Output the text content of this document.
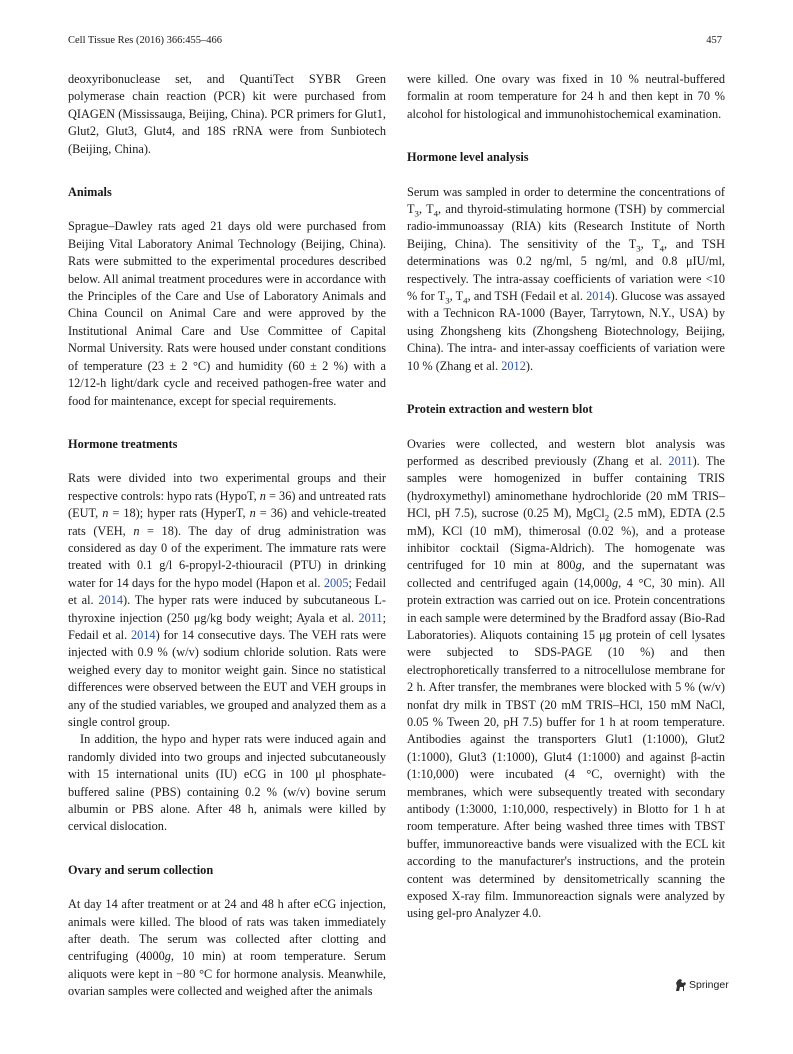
Cell Tissue Res (2016) 366:455–466	457

deoxyribonuclease set, and QuantiTect SYBR Green polymerase chain reaction (PCR) kit were purchased from QIAGEN (Mississauga, Beijing, China). PCR primers for Glut1, Glut2, Glut3, Glut4, and 18S rRNA were from Sunbiotech (Beijing, China).

Animals

Sprague–Dawley rats aged 21 days old were purchased from Beijing Vital Laboratory Animal Technology (Beijing, China). Rats were submitted to the experimental procedures described below. All animal treatment procedures were in accordance with the Principles of the Care and Use of Laboratory Animals and China Council on Animal Care and were approved by the Institutional Animal Care and Use Committee of Capital Normal University. Rats were housed under constant conditions of temperature (23 ± 2 °C) and humidity (60 ± 2 %) with a 12/12-h light/dark cycle and received pathogen-free water and food for maintenance, except for special requirements.

Hormone treatments

Rats were divided into two experimental groups and their respective controls: hypo rats (HypoT, n = 36) and untreated rats (EUT, n = 18); hyper rats (HyperT, n = 36) and vehicle-treated rats (VEH, n = 18). The day of drug administration was considered as day 0 of the experiment. The immature rats were treated with 0.1 g/l 6-propyl-2-thiouracil (PTU) in drinking water for 14 days for the hypo model (Hapon et al. 2005; Fedail et al. 2014). The hyper rats were induced by subcutaneous L-thyroxine injection (250 μg/kg body weight; Ayala et al. 2011; Fedail et al. 2014) for 14 consecutive days. The VEH rats were injected with 0.9 % (w/v) sodium chloride solution. Rats were weighed every day to monitor weight gain. Since no statistical differences were observed between the EUT and VEH groups in any of the studied variables, we grouped and analyzed them as a single control group.

In addition, the hypo and hyper rats were induced again and randomly divided into two groups and injected subcutaneously with 15 international units (IU) eCG in 100 μl phosphate-buffered saline (PBS) containing 0.2 % (w/v) bovine serum albumin or PBS alone. After 48 h, animals were killed by cervical dislocation.

Ovary and serum collection

At day 14 after treatment or at 24 and 48 h after eCG injection, animals were killed. The blood of rats was taken immediately after death. The serum was collected after clotting and centrifuging (4000g, 10 min) at room temperature. Serum aliquots were kept in −80 °C for hormone analysis. Meanwhile, ovarian samples were collected and weighed after the animals

were killed. One ovary was fixed in 10 % neutral-buffered formalin at room temperature for 24 h and then kept in 70 % alcohol for histological and immunohistochemical examination.

Hormone level analysis

Serum was sampled in order to determine the concentrations of $T_3$, $T_4$, and thyroid-stimulating hormone (TSH) by commercial radio-immunoassay (RIA) kits (Research Institute of North Beijing, China). The sensitivity of the $T_3$, $T_4$, and TSH determinations was 0.2 ng/ml, 5 ng/ml, and 0.8 μIU/ml, respectively. The intra-assay coefficients of variation were <10 % for $T_3$, $T_4$, and TSH (Fedail et al. 2014). Glucose was assayed with a Technicon RA-1000 (Bayer, Tarrytown, N.Y., USA) by using Zhongsheng kits (Zhongsheng Biotechnology, Beijing, China). The intra- and inter-assay coefficients of variation were 10 % (Zhang et al. 2012).

Protein extraction and western blot

Ovaries were collected, and western blot analysis was performed as described previously (Zhang et al. 2011). The samples were homogenized in buffer containing TRIS (hydroxymethyl) aminomethane hydrochloride (20 mM TRIS–HCl, pH 7.5), sucrose (0.25 M), MgCl$_2$ (2.5 mM), EDTA (2.5 mM), KCl (10 mM), thimerosal (0.02 %), and a protease inhibitor cocktail (Sigma-Aldrich). The homogenate was centrifuged for 10 min at 800g, and the supernatant was collected and centrifuged again (14,000g, 4 °C, 30 min). All protein extraction was carried out on ice. Protein concentrations in each sample were determined by the Bradford assay (Bio-Rad Laboratories). Aliquots containing 15 μg protein of cell lysates were subjected to SDS-PAGE (10 %) and then electrophoretically transferred to a nitrocellulose membrane for 2 h. After transfer, the membranes were blocked with 5 % (w/v) nonfat dry milk in TBST (20 mM TRIS–HCl, 150 mM NaCl, 0.05 % Tween 20, pH 7.5) buffer for 1 h at room temperature. Antibodies against the transporters Glut1 (1:1000), Glut2 (1:1000), Glut3 (1:1000), Glut4 (1:1000) and against β-actin (1:10,000) were incubated (4 °C, overnight) with the membranes, which were subsequently treated with secondary antibody (1:3000, 1:10,000, respectively) in Blotto for 1 h at room temperature. After being washed three times with TBST buffer, immunoreactive bands were visualized with the ECL kit according to the manufacturer's instructions, and the protein content was determined by densitometrically scanning the exposed X-ray film. Immunoreaction signals were analyzed by using gel-pro Analyzer 4.0.

Springer
